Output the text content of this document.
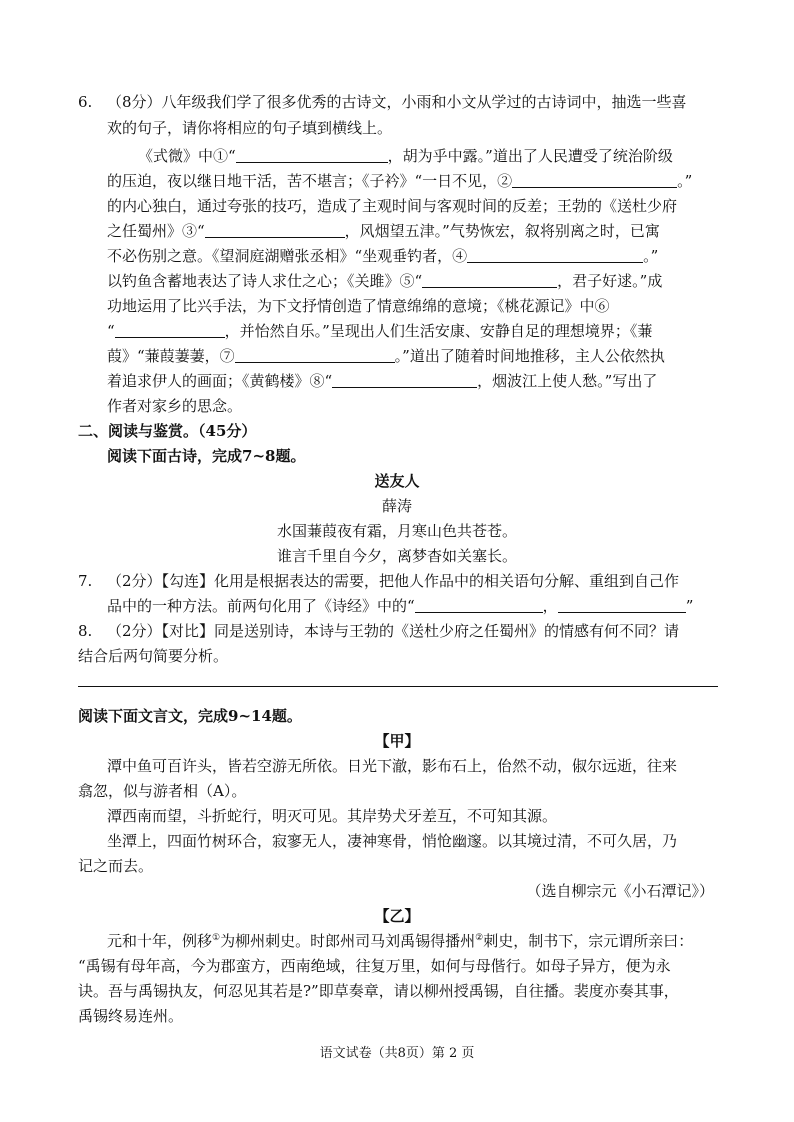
6. （8分）八年级我们学了很多优秀的古诗文，小雨和小文从学过的古诗词中，抽选一些喜
欢的句子，请你将相应的句子填到横线上。
《式微》中①“	，胡为乎中露。”道出了人民遭受了统治阶级
的压迫，夜以继日地干活，苦不堪言；《子衿》“一日不见，②	。”
的内心独白，通过夸张的技巧，造成了主观时间与客观时间的反差；王勃的《送杜少府
之任蜀州》③“	，风烟望五津。”气势恢宏，叙将别离之时，已寓
不必伤别之意。《望洞庭湖赠张丞相》“坐观垂钓者，④	。”
以钓鱼含蓄地表达了诗人求仕之心；《关雎》⑤“	，君子好逑。”成
功地运用了比兴手法，为下文抒情创造了情意绵绵的意境；《桃花源记》中⑥
“	，并怡然自乐。”呈现出人们生活安康、安静自足的理想境界；《蒹
葭》“蒹葭萋萋，⑦	。”道出了随着时间地推移，主人公依然执
着追求伊人的画面；《黄鹤楼》⑧“	，烟波江上使人愁。”写出了
作者对家乡的思念。
二、阅读与鉴赏。（45分）
阅读下面古诗，完成7~8题。
送友人
薛涛
水国蒹葭夜有霜，月寒山色共苍苍。
谁言千里自今夕，离梦杳如关塞长。
7. （2分）【勾连】化用是根据表达的需要，把他人作品中的相关语句分解、重组到自己作
品中的一种方法。前两句化用了《诗经》中的“	，	”
8. （2分）【对比】同是送别诗，本诗与王勃的《送杜少府之任蜀州》的情感有何不同？请
结合后两句简要分析。
阅读下面文言文，完成9~14题。
【甲】
潭中鱼可百许头，皆若空游无所依。日光下澈，影布石上，佁然不动，俶尔远逝，往来
翕忽，似与游者相（A）。
潭西南而望，斗折蛇行，明灭可见。其岸势犬牙差互，不可知其源。
坐潭上，四面竹树环合，寂寥无人，凄神寒骨，悄怆幽邃。以其境过清，不可久居，乃
记之而去。
（选自柳宗元《小石潭记》）
【乙】
元和十年，例移①为柳州刺史。时郎州司马刘禹锡得播州②刺史，制书下，宗元谓所亲曰：
“禹锡有母年高，今为郡蛮方，西南绝域，往复万里，如何与母偕行。如母子异方，便为永
诀。吾与禹锡执友，何忍见其若是?”即草奏章，请以柳州授禹锡，自往播。裴度亦奏其事，
禹锡终易连州。
语文试卷（共8页）第 2 页
